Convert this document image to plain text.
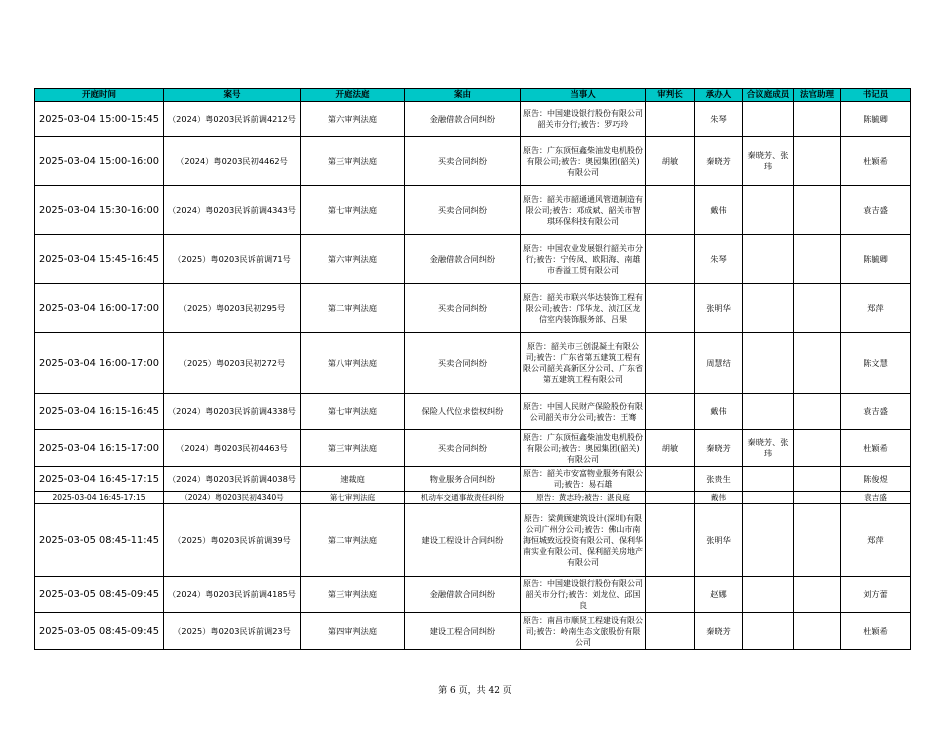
开庭时间	案号	开庭法庭	案由	当事人	审判长	承办人	合议庭成员	法官助理	书记员
2025-03-04 15:00-15:45	（2024）粤0203民诉前调4212号	第六审判法庭	金融借款合同纠纷	原告：中国建设银行股份有限公司韶关市分行;被告：罗巧玲		朱琴			陈毓卿
2025-03-04 15:00-16:00	（2024）粤0203民初4462号	第三审判法庭	买卖合同纠纷	原告：广东顶恒鑫柴油发电机股份有限公司;被告：奥园集团(韶关)有限公司	胡敏	秦晓芳	秦晓芳、张玮		杜颖希
2025-03-04 15:30-16:00	（2024）粤0203民诉前调4343号	第七审判法庭	买卖合同纠纷	原告：韶关市韶通通风管道制造有限公司;被告：邓成斌、韶关市智琪环保科技有限公司		戴伟			袁吉盛
2025-03-04 15:45-16:45	（2025）粤0203民诉前调71号	第六审判法庭	金融借款合同纠纷	原告：中国农业发展银行韶关市分行;被告：宁传凤、欧阳海、南雄市香溢工贸有限公司		朱琴			陈毓卿
2025-03-04 16:00-17:00	（2025）粤0203民初295号	第二审判法庭	买卖合同纠纷	原告：韶关市联兴华达装饰工程有限公司;被告：邝华龙、浈江区龙信室内装饰服务部、吕果		张明华			郑萍
2025-03-04 16:00-17:00	（2025）粤0203民初272号	第八审判法庭	买卖合同纠纷	原告：韶关市三创混凝土有限公司;被告：广东省第五建筑工程有限公司韶关高新区分公司、广东省第五建筑工程有限公司		周慧结			陈文慧
2025-03-04 16:15-16:45	（2024）粤0203民诉前调4338号	第七审判法庭	保险人代位求偿权纠纷	原告：中国人民财产保险股份有限公司韶关市分公司;被告：王骞		戴伟			袁吉盛
2025-03-04 16:15-17:00	（2024）粤0203民初4463号	第三审判法庭	买卖合同纠纷	原告：广东顶恒鑫柴油发电机股份有限公司;被告：奥园集团(韶关)有限公司	胡敏	秦晓芳	秦晓芳、张玮		杜颖希
2025-03-04 16:45-17:15	（2024）粤0203民诉前调4038号	速裁庭	物业服务合同纠纷	原告：韶关市安富物业服务有限公司;被告：易石雄		张贵生			陈俊煜
2025-03-04 16:45-17:15	（2024）粤0203民初4340号	第七审判法庭	机动车交通事故责任纠纷	原告：黄志玲;被告：湛良庭		戴伟			袁吉盛
2025-03-05 08:45-11:45	（2025）粤0203民诉前调39号	第二审判法庭	建设工程设计合同纠纷	原告：梁黄顾建筑设计(深圳)有限公司广州分公司;被告：佛山市南海恒城致远投资有限公司、保利华南实业有限公司、保利韶关房地产有限公司		张明华			郑萍
2025-03-05 08:45-09:45	（2024）粤0203民诉前调4185号	第三审判法庭	金融借款合同纠纷	原告：中国建设银行股份有限公司韶关市分行;被告：刘龙位、邱国良		赵娜			刘方蕾
2025-03-05 08:45-09:45	（2025）粤0203民诉前调23号	第四审判法庭	建设工程合同纠纷	原告：南昌市顺贤工程建设有限公司;被告：岭南生态文旅股份有限公司		秦晓芳			杜颖希
第 6 页，共 42 页
